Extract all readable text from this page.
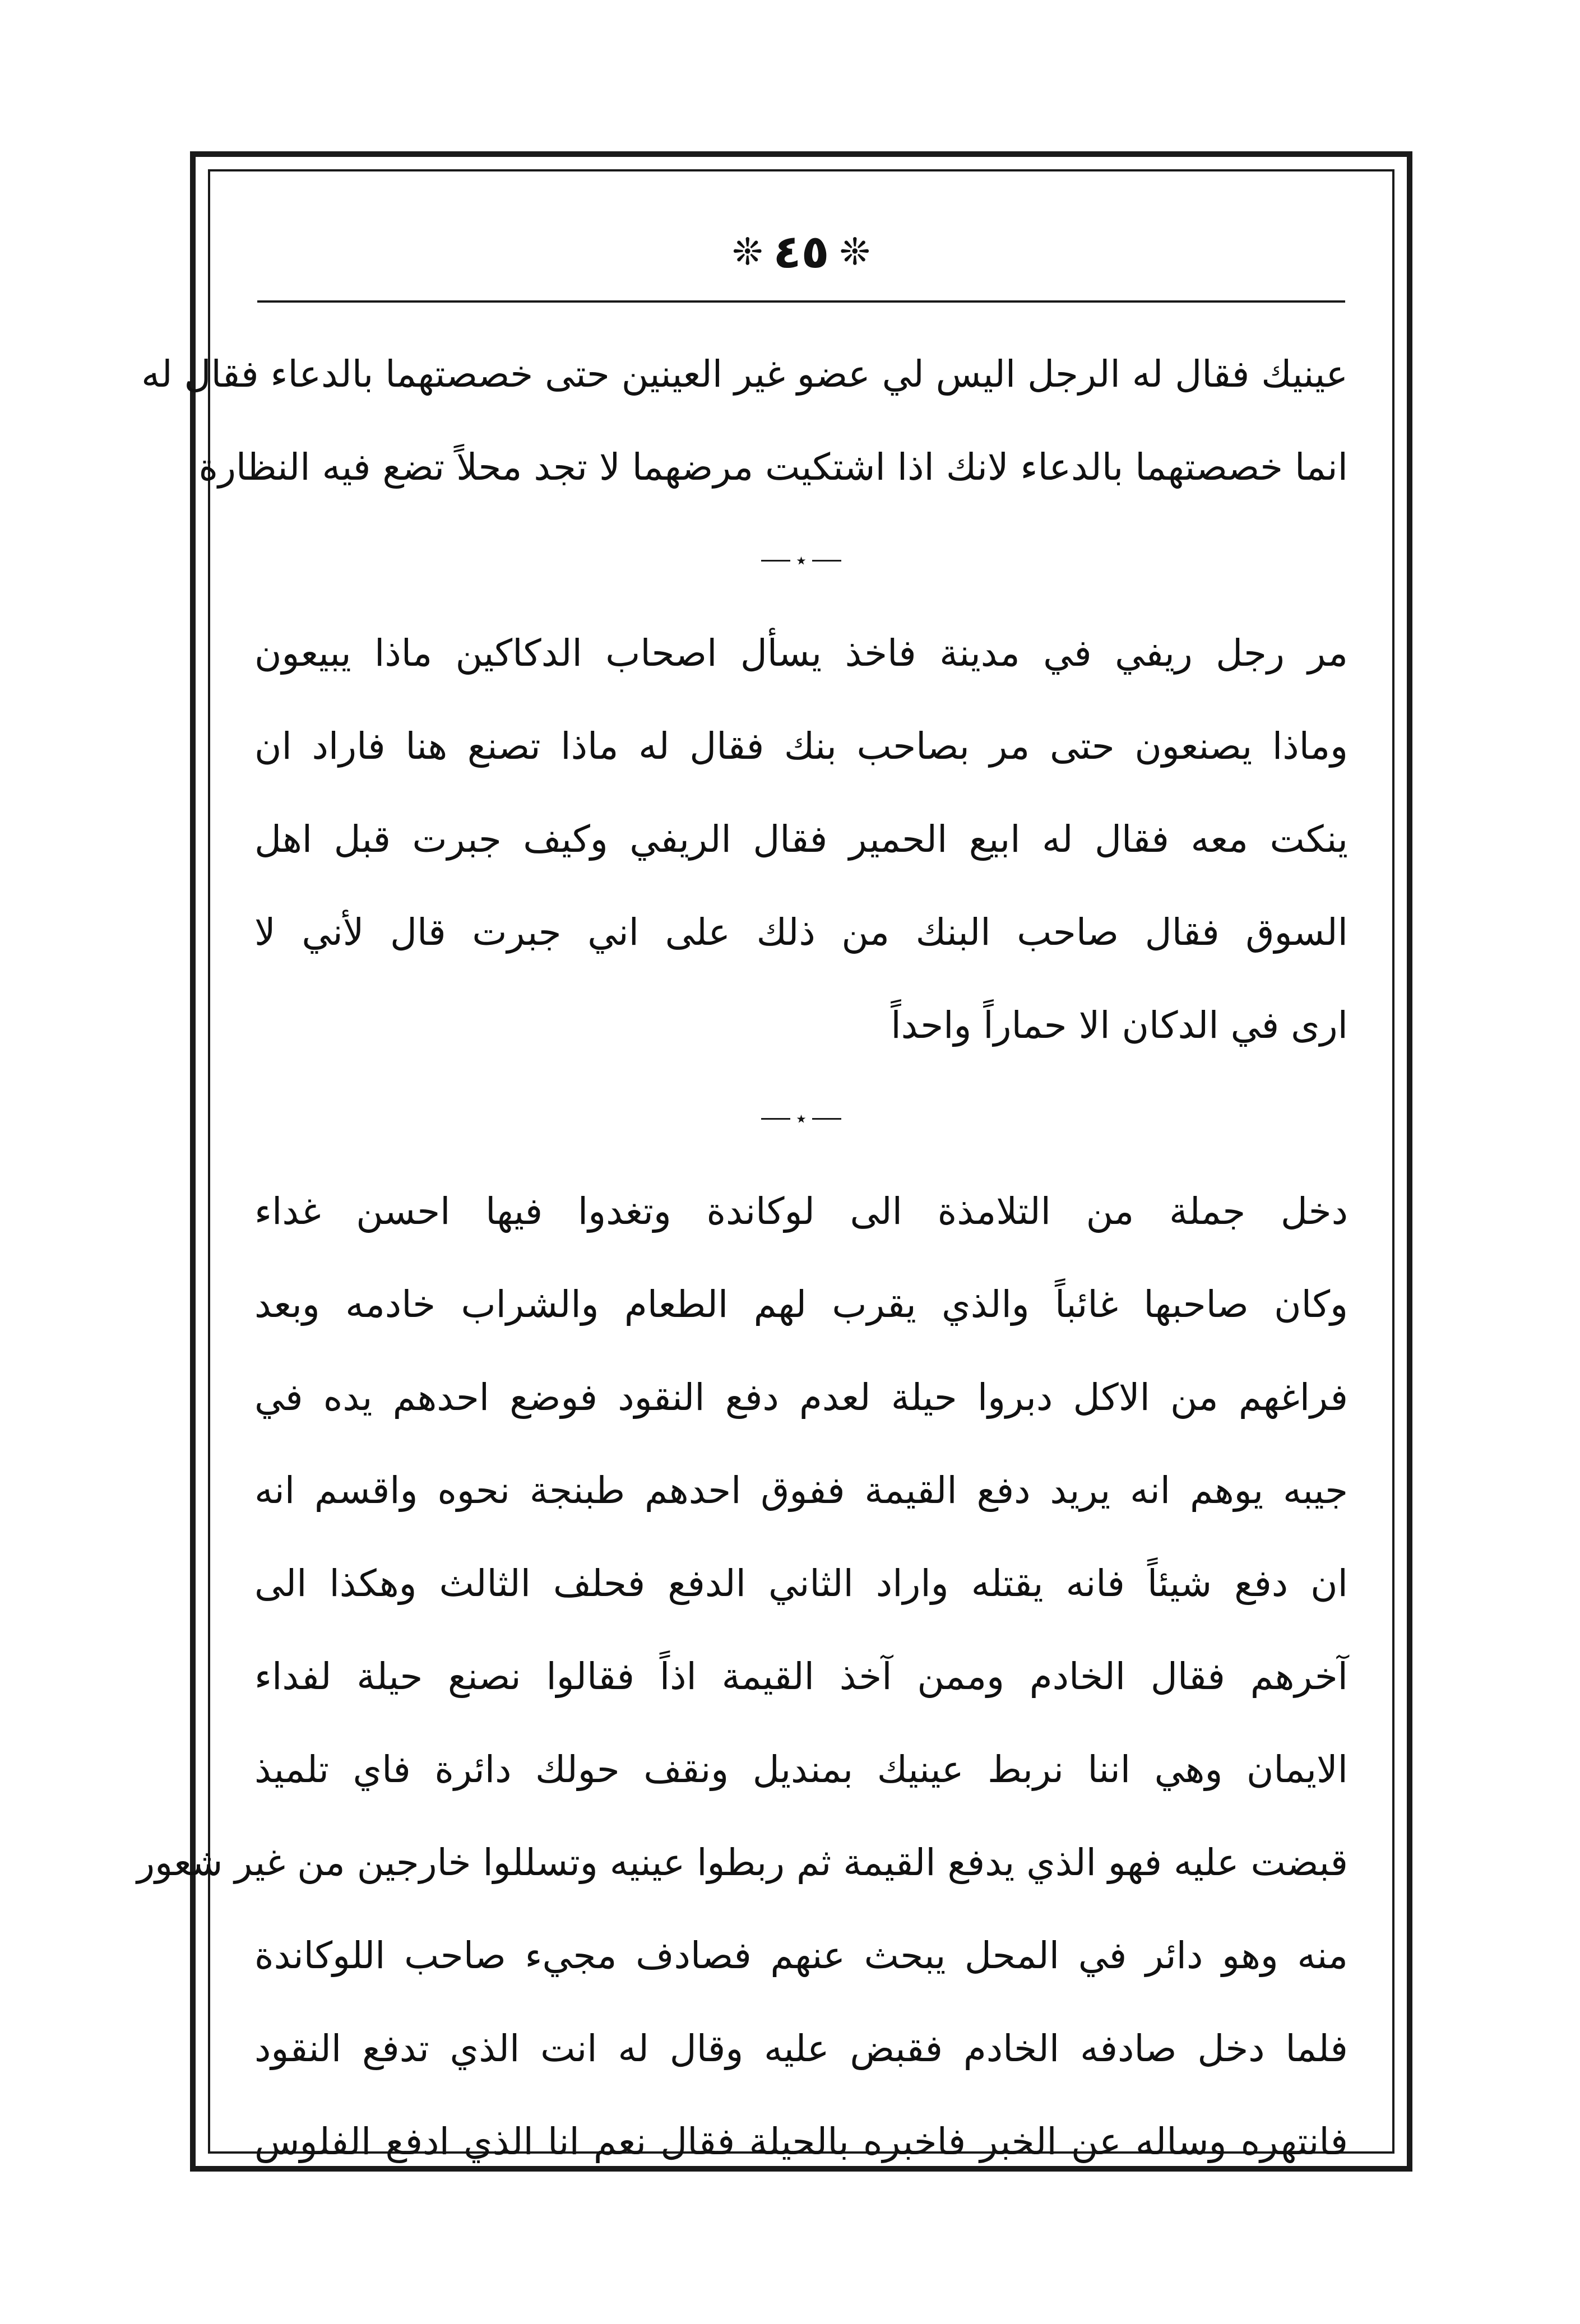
❊
٤٥
❊
عينيك فقال له الرجل اليس لي عضو غير العينين حتى خصصتهما بالدعاء فقال له
انما خصصتهما بالدعاء لانك اذا اشتكيت مرضهما لا تجد محلاً تضع فيه النظارة
٭
مر رجل ريفي في مدينة فاخذ يسأل اصحاب الدكاكين ماذا يبيعون
وماذا يصنعون حتى مر بصاحب بنك فقال له ماذا تصنع هنا فاراد ان
ينكت معه فقال له ابيع الحمير فقال الريفي وكيف جبرت قبل اهل
السوق فقال صاحب البنك من ذلك على اني جبرت قال لأني لا
ارى في الدكان الا حماراً واحداً
٭
دخل جملة من التلامذة الى لوكاندة وتغدوا فيها احسن غداء
وكان صاحبها غائباً والذي يقرب لهم الطعام والشراب خادمه وبعد
فراغهم من الاكل دبروا حيلة لعدم دفع النقود فوضع احدهم يده في
جيبه يوهم انه يريد دفع القيمة ففوق احدهم طبنجة نحوه واقسم انه
ان دفع شيئاً فانه يقتله واراد الثاني الدفع فحلف الثالث وهكذا الى
آخرهم فقال الخادم وممن آخذ القيمة اذاً فقالوا نصنع حيلة لفداء
الايمان وهي اننا نربط عينيك بمنديل ونقف حولك دائرة فاي تلميذ
قبضت عليه فهو الذي يدفع القيمة ثم ربطوا عينيه وتسللوا خارجين من غير شعور
منه وهو دائر في المحل يبحث عنهم فصادف مجيء صاحب اللوكاندة
فلما دخل صادفه الخادم فقبض عليه وقال له انت الذي تدفع النقود
فانتهره وساله عن الخبر فاخبره بالحيلة فقال نعم انا الذي ادفع الفلوس
